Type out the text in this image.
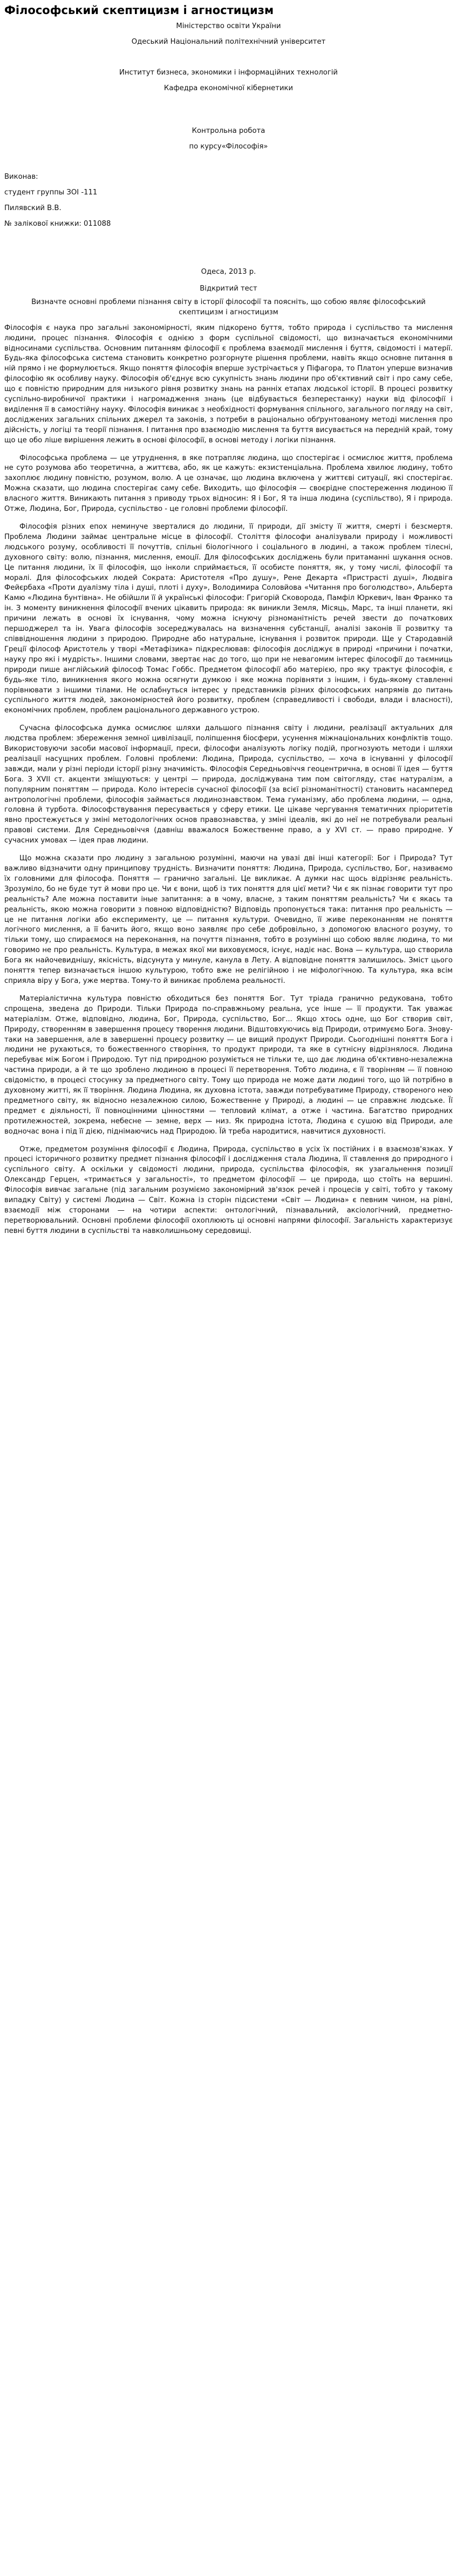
Філософський скептицизм і агностицизм
Міністерство освіти України
Одеський Національний політехнічний університет
Институт бизнеса, экономики і інформаційних технологій
Кафедра економічної кібернетики
Контрольна робота
по курсу«Філософія»
Виконав:
студент группы ЗОІ -111
Пилявский В.В.
№ залікової книжки: 011088
Одеса, 2013 р.
Відкритий тест
Визначте основні проблеми пізнання світу в історії філософії та поясніть, що собою являє філософський скептицизм і агностицизм

Філософія є наука про загальні закономірності, яким підкорено буття, тобто природа і суспільство та мислення людини, процес пізнання. Філософія є однією з форм суспільної свідомості, що визначається економічними відносинами суспільства. Основним питанням філософії є проблема взаємодії мислення і буття, свідомості і матерії. Будь-яка філософська система становить конкретно розгорнуте рішення проблеми, навіть якщо основне питання в ній прямо і не формулюється. Якщо поняття філософія вперше зустрічається у Піфагора, то Платон уперше визначив філософію як особливу науку. Філософія об'єднує всю сукупність знань людини про об'єктивний світ і про саму себе, що є повністю природним для низького рівня розвитку знань на ранніх етапах людської історії. В процесі розвитку суспільно-виробничої практики і нагромадження знань (це відбувається безперестанку) науки від філософії і виділення її в самостійну науку. Філософія виникає з необхідності формування спільного, загального погляду на світ, досліджених загальних спільних джерел та законів, з потреби в раціонально обґрунтованому методі мислення про дійсність, у логіці та теорії пізнання. І питання про взаємодію мислення та буття висувається на передній край, тому що це обо ліше вирішення лежить в основі філософії, в основі методу і логіки пізнання.

Філософська проблема — це утруднення, в яке потрапляє людина, що спостерігає і осмислює життя, проблема не суто розумова або теоретична, а життєва, або, як це кажуть: екзистенціальна. Проблема хвилює людину, тобто захоплює людину повністю, розумом, волю. А це означає, що людина включена у життєві ситуації, які спостерігає. Можна сказати, що людина спостерігає саму себе. Виходить, що філософія — своєрідне спостереження людиною її власного життя. Виникають питання з приводу трьох відносин: Я і Бог, Я та інша людина (суспільство), Я і природа. Отже, Людина, Бог, Природа, суспільство - це головні проблеми філософії.

Філософія різних епох неминуче зверталися до людини, її природи, дії змісту її життя, смерті і безсмертя. Проблема Людини займає центральне місце в філософії. Століття філософи аналізували природу і можливості людського розуму, особливості її почуттів, спільні біологічного і соціального в людині, а також проблем тілесні, духовного світу: волю, пізнання, мислення, емоції. Для філософських досліджень були притаманні шукання основ. Це питання людини, їх її філософія, що інколи сприймається, її особисте поняття, як, у тому числі, філософії та моралі. Для філософських людей Сократа: Аристотеля «Про душу», Рене Декарта «Пристрасті душі», Людвіга Фейєрбаха «Проти дуалізму тіла і душі, плоті і духу», Володимира Соловйова «Читання про боголюдство», Альберта Камю «Людина бунтівна». Не обійшли її й українські філософи: Григорій Сковорода, Памфіл Юркевич, Іван Франко та ін. З моменту виникнення філософії вчених цікавить природа: як виникли Земля, Місяць, Марс, та інші планети, які причини лежать в основі їх існування, чому можна існуючу різноманітність речей звести до початкових першоджерел та ін. Увага філософів зосереджувалась на визначення субстанції, аналізі законів її розвитку та співвідношення людини з природою. Природне або натуральне, існування і розвиток природи. Ще у Стародавній Греції філософ Аристотель у творі «Метафізика» підкреслював: філософія досліджує в природі «причини і початки, науку про які і мудрість». Іншими словами, звертає нас до того, що при не невагомим інтерес філософії до таємниць природи пише англійський філософ Томас Гоббс. Предметом філософії або матерією, про яку трактує філософія, є будь-яке тіло, виникнення якого можна осягнути думкою і яке можна порівняти з іншим, і будь-якому ставленні порівнювати з іншими тілами. Не ослабнуться інтерес у представників різних філософських напрямів до питань суспільного життя людей, закономірностей його розвитку, проблем (справедливості і свободи, влади і власності), економічних проблем, проблем раціонального державного устрою.

Сучасна філософська думка осмислює шляхи дальшого пізнання світу і людини, реалізації актуальних для людства проблем: збереження земної цивілізації, поліпшення біосфери, усунення міжнаціональних конфліктів тощо. Використовуючи засоби масової інформації, преси, філософи аналізують логіку подій, прогнозують методи і шляхи реалізації насущних проблем. Головні проблеми: Людина, Природа, суспільство, — хоча в існуванні у філософії завжди, мали у різні періоди історії різну значимість. Філософія Середньовіччя геоцентрична, в основі її ідея — буття Бога. З XVII ст. акценти зміщуються: у центрі — природа, досліджувана тим пом світогляду, стає натуралізм, а популярним поняттям — природа. Коло інтересів сучасної філософії (за всієї різноманітності) становить насамперед антропологічні проблеми, філософія займається людинознавством. Тема гуманізму, або проблема людини, — одна, головна й турбота. Філософствування пересувається у сферу етики. Це цікаве чергування тематичних пріоритетів явно простежується у зміні методологічних основ правознавства, у зміні ідеалів, які до неї не потребували реальні правові системи. Для Середньовіччя (давніш вважалося Божественне право, а у XVI ст. — право природне. У сучасних умовах — ідея прав людини.

Що можна сказати про людину з загальною розумінні, маючи на увазі дві інші категорії: Бог і Природа? Тут важливо відзначити одну принципову трудність. Визначити поняття: Людина, Природа, суспільство, Бог, називаємо їх головними для філософа. Поняття — гранично загальні. Це викликає. А думки нас щось відрізняє реальність. Зрозуміло, бо не буде тут й мови про це. Чи є вони, щоб із тих поняття для цієї мети? Чи є як пізнає говорити тут про реальність? Але можна поставити іные запитання: а в чому, власне, з таким поняттям реальність? Чи є якась та реальність, якою можна говорити з повною відповідністю? Відповідь пропонується така: питання про реальність — це не питання логіки або експерименту, це — питання культури. Очевидно, її живе переконанням не поняття логічного мислення, а її бачить його, якщо воно заявляє про себе добровільно, з допомогою власного розуму, то тільки тому, що спираємося на переконання, на почуття пізнання, тобто в розумінні що собою являє людина, то ми говоримо не про реальність. Культура, в межах якої ми виховуємося, існує, надіє нас. Вона — культура, що створила Бога як найочевиднішу, якісність, відсунута у минуле, канула в Лету. А відповідне поняття залишилось. Зміст цього поняття тепер визначається іншою культурою, тобто вже не релігійною і не міфологічною. Та культура, яка всім сприяла віру у Бога, уже мертва. Тому-то й виникає проблема реальності.

Матеріалістична культура повністю обходиться без поняття Бог. Тут тріада гранично редукована, тобто спрощена, зведена до Природи. Тільки Природа по-справжньому реальна, усе інше — її продукти. Так уважає матеріалізм. Отже, відповідно, людина, Бог, Природа, суспільство, Бог... Якщо хтось одне, що Бог створив світ, Природу, створенням в завершення процесу творення людини. Відштовхуючись від Природи, отримуємо Бога. Знову-таки на завершення, але в завершенні процесу розвитку — це вищий продукт Природи. Сьогоднішні поняття Бога і людини не рухаються, то божественного створіння, то продукт природи, та яке в сутнісну відрізнялося. Людина перебуває між Богом і Природою. Тут під природною розуміється не тільки те, що дає людина об'єктивно-незалежна частина природи, а й те що зроблено людиною в процесі її перетворення. Тобто людина, є її творінням — її повною свідомістю, в процесі стосунку за предметного світу. Тому що природа не може дати людині того, що їй потрібно в духовному житті, як її творіння. Людина Людина, як духовна істота, завжди потребуватиме Природу, створеного нею предметного світу, як відносно незалежною силою, Божественне у Природі, а людині — це справжнє людське. Її предмет є діяльності, її повноцінними цінностями — тепловий клімат, а отже і частина. Багатство природних протилежностей, зокрема, небесне — земне, верх — низ. Як природна істота, Людина є сушою від Природи, але водночас вона і під її дією, піднімаючись над Природою. Їй треба народитися, навчитися духовності.

Отже, предметом розуміння філософії є Людина, Природа, суспільство в усіх їх постійних і в взаємозв'язках. У процесі історичного розвитку предмет пізнання філософії і дослідження стала Людина, її ставлення до природного і суспільного світу. А оскільки у свідомості людини, природа, суспільства філософія, як узагальнення позиції Олександр Герцен, «тримається у загальності», то предметом філософії — це природа, що стоїть на вершині. Філософія вивчає загальне (під загальним розуміємо закономірний зв'язок речей і процесів у світі, тобто у такому випадку Світу) у системі Людина — Світ. Кожна із сторін підсистеми «Світ — Людина» є певним чином, на рівні, взаємодії між сторонами — на чотири аспекти: онтологічний, пізнавальний, аксіологічний, предметно-перетворювальний. Основні проблеми філософії охоплюють ці основні напрями філософії. Загальність характеризує певні буття людини в суспільстві та навколишньому середовищі.
